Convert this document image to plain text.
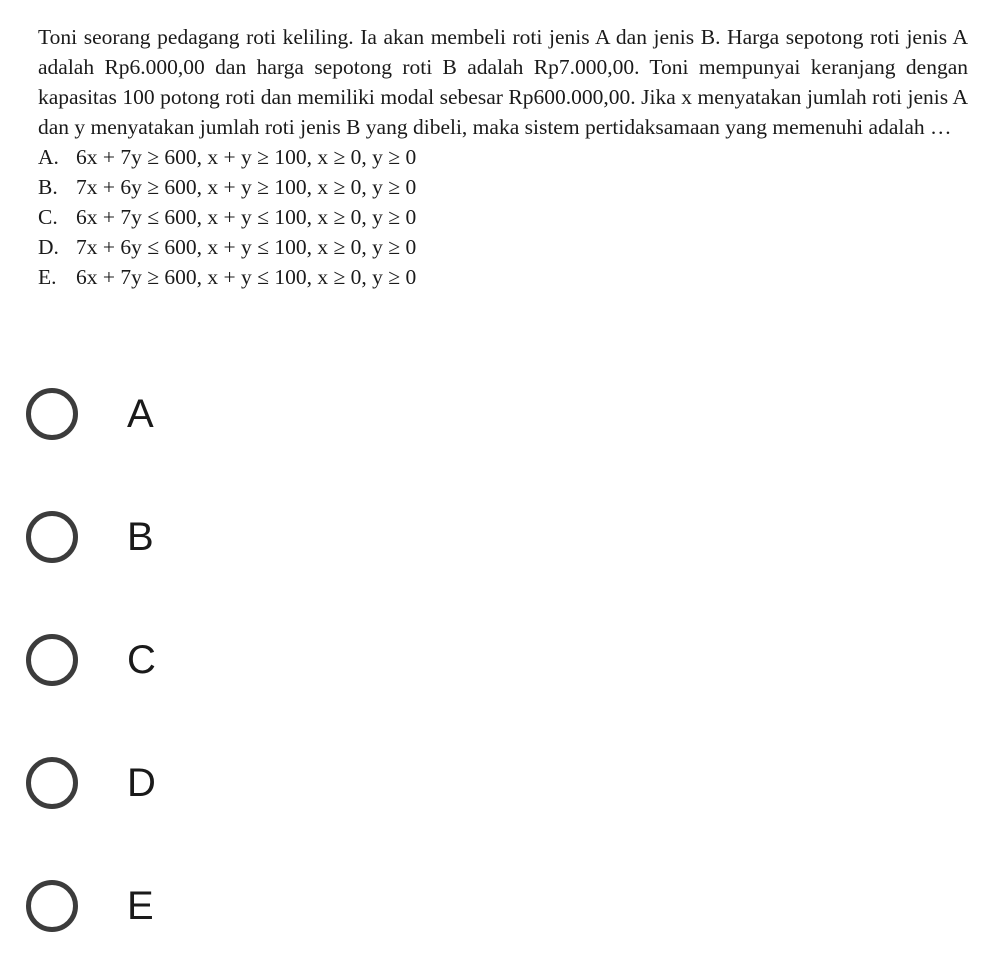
Toni seorang pedagang roti keliling. Ia akan membeli roti jenis A dan jenis B. Harga sepotong roti jenis A adalah Rp6.000,00 dan harga sepotong roti B adalah Rp7.000,00. Toni mempunyai keranjang dengan kapasitas 100 potong roti dan memiliki modal sebesar Rp600.000,00. Jika x menyatakan jumlah roti jenis A dan y menyatakan jumlah roti jenis B yang dibeli, maka sistem pertidaksamaan yang memenuhi adalah …

A. 6x + 7y ≥ 600, x + y ≥ 100, x ≥ 0, y ≥ 0
B. 7x + 6y ≥ 600, x + y ≥ 100, x ≥ 0, y ≥ 0
C. 6x + 7y ≤ 600, x + y ≤ 100, x ≥ 0, y ≥ 0
D. 7x + 6y ≤ 600, x + y ≤ 100, x ≥ 0, y ≥ 0
E. 6x + 7y ≥ 600, x + y ≤ 100, x ≥ 0, y ≥ 0
A
B
C
D
E
